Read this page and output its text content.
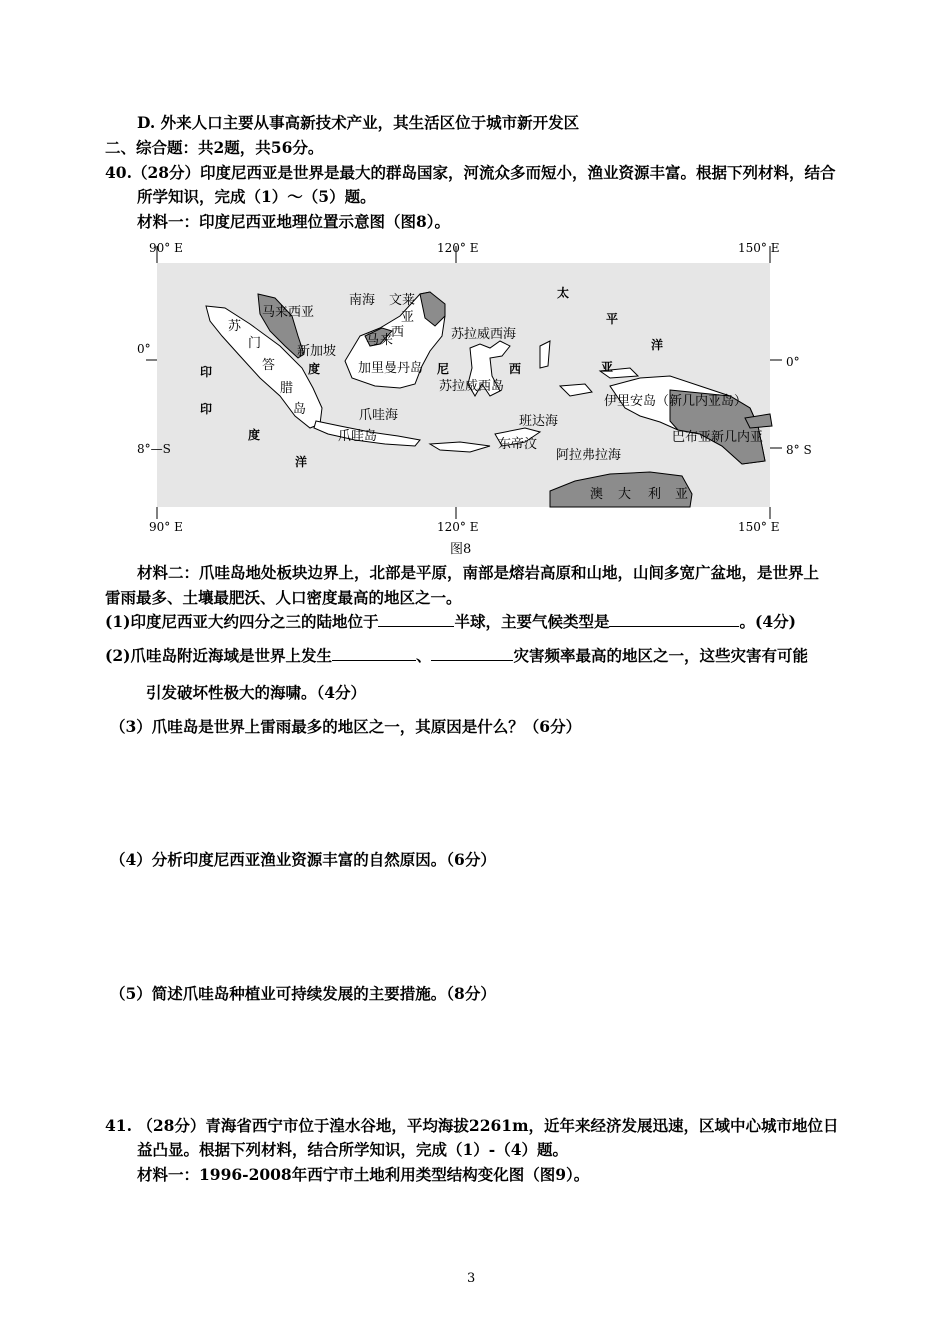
D. 外来人口主要从事高新技术产业，其生活区位于城市新开发区
二、综合题：共2题，共56分。
40.（28分）印度尼西亚是世界是最大的群岛国家，河流众多而短小，渔业资源丰富。根据下列材料，结合
所学知识，完成（1）～（5）题。
材料一：印度尼西亚地理位置示意图（图8）。
90° E	120° E	150° E
90° E	120° E	150° E
0°
8°—S
0°
8° S
马来西亚
南海 文莱
亚
西
马 来	苏拉威西海
苏
门
答
腊
岛
新加坡
加里曼丹岛 尼	西
苏拉威西岛
爪哇海
爪哇岛
班达海
东帝汶
阿拉弗拉海
伊里安岛（新几内亚岛）
巴布亚新几内亚
澳 大 利 亚
太
平
洋
亚
印	度
印
度
洋
图8
材料二：爪哇岛地处板块边界上，北部是平原，南部是熔岩高原和山地，山间多宽广盆地，是世界上
雷雨最多、土壤最肥沃、人口密度最高的地区之一。
(1)印度尼西亚大约四分之三的陆地位于	半球，主要气候类型是	。(4分)
(2)爪哇岛附近海域是世界上发生	、	灾害频率最高的地区之一，这些灾害有可能
引发破坏性极大的海啸。（4分）
（3）爪哇岛是世界上雷雨最多的地区之一，其原因是什么？（6分）
（4）分析印度尼西亚渔业资源丰富的自然原因。（6分）
（5）简述爪哇岛种植业可持续发展的主要措施。（8分）
41. （28分）青海省西宁市位于湟水谷地，平均海拔2261m，近年来经济发展迅速，区域中心城市地位日
益凸显。根据下列材料，结合所学知识，完成（1）-（4）题。
材料一：1996-2008年西宁市土地利用类型结构变化图（图9）。
3
